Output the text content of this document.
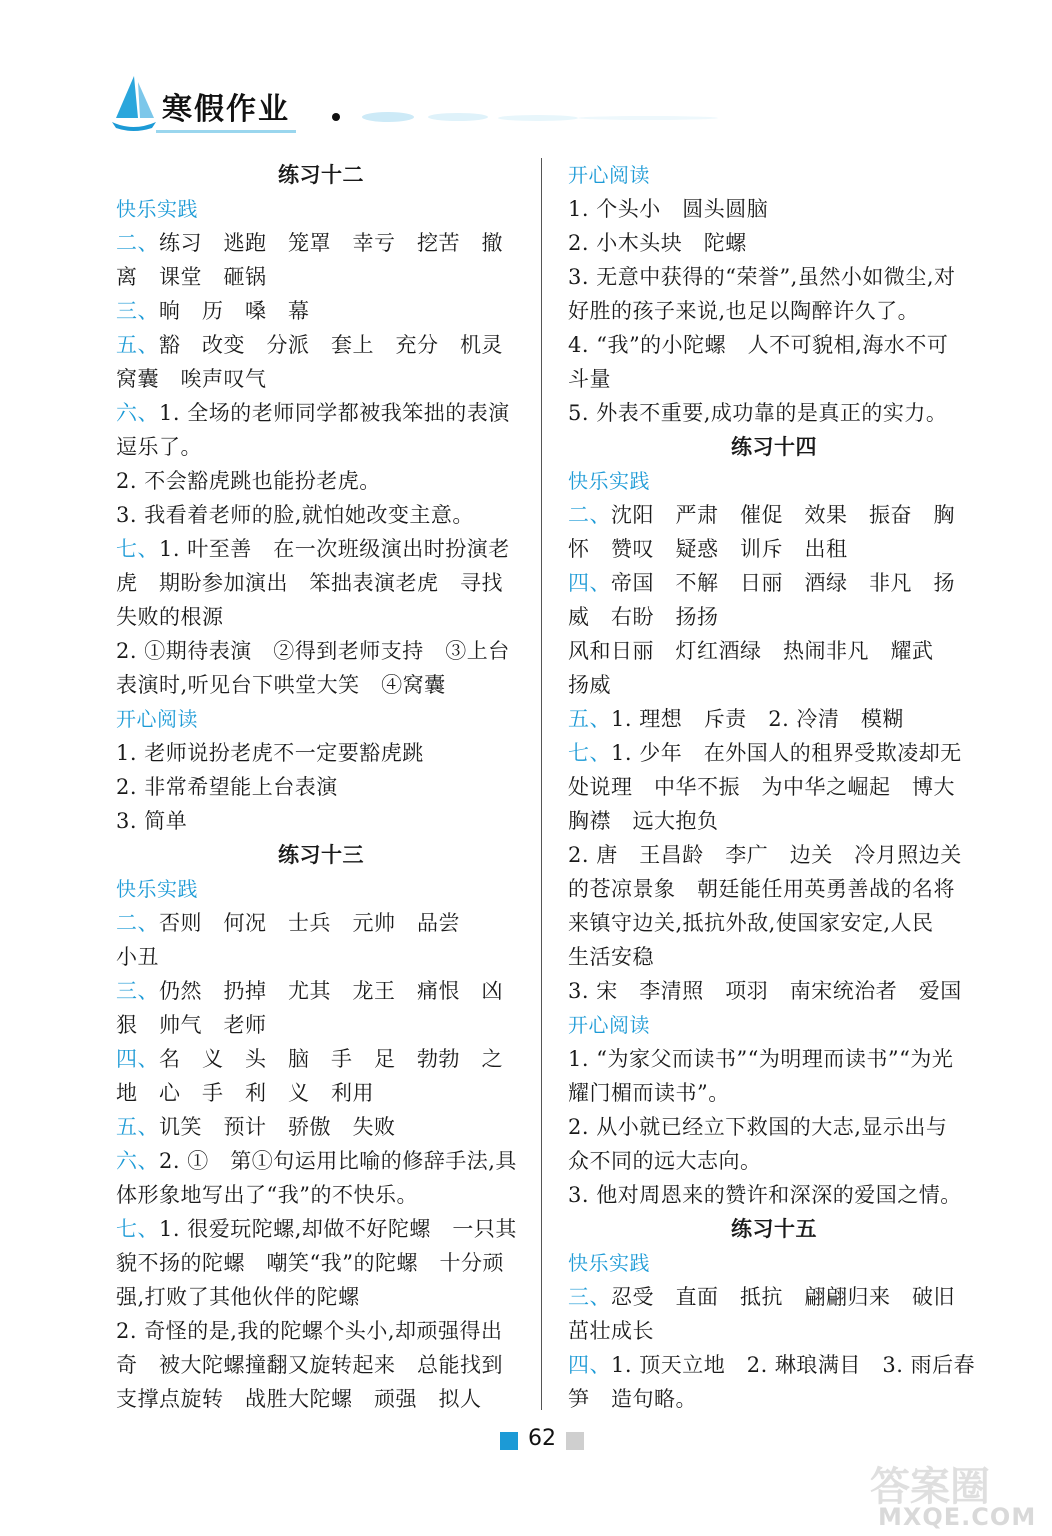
寒假作业
练习十二
快乐实践
二、练习　逃跑　笼罩　幸亏　挖苦　撤
离　课堂　砸锅
三、晌　历　嗓　幕
五、豁　改变　分派　套上　充分　机灵
窝囊　唉声叹气
六、1. 全场的老师同学都被我笨拙的表演
逗乐了。
2. 不会豁虎跳也能扮老虎。
3. 我看着老师的脸,就怕她改变主意。
七、1. 叶至善　在一次班级演出时扮演老
虎　期盼参加演出　笨拙表演老虎　寻找
失败的根源
2. ①期待表演　②得到老师支持　③上台
表演时,听见台下哄堂大笑　④窝囊
开心阅读
1. 老师说扮老虎不一定要豁虎跳
2. 非常希望能上台表演
3. 简单
练习十三
快乐实践
二、否则　何况　士兵　元帅　品尝
小丑
三、仍然　扔掉　尤其　龙王　痛恨　凶
狠　帅气　老师
四、名　义　头　脑　手　足　勃勃　之
地　心　手　利　义　利用
五、讥笑　预计　骄傲　失败
六、2. ①　第①句运用比喻的修辞手法,具
体形象地写出了“我”的不快乐。
七、1. 很爱玩陀螺,却做不好陀螺　一只其
貌不扬的陀螺　嘲笑“我”的陀螺　十分顽
强,打败了其他伙伴的陀螺
2. 奇怪的是,我的陀螺个头小,却顽强得出
奇　被大陀螺撞翻又旋转起来　总能找到
支撑点旋转　战胜大陀螺　顽强　拟人
开心阅读
1. 个头小　圆头圆脑
2. 小木头块　陀螺
3. 无意中获得的“荣誉”,虽然小如微尘,对
好胜的孩子来说,也足以陶醉许久了。
4. “我”的小陀螺　人不可貌相,海水不可
斗量
5. 外表不重要,成功靠的是真正的实力。
练习十四
快乐实践
二、沈阳　严肃　催促　效果　振奋　胸
怀　赞叹　疑惑　训斥　出租
四、帝国　不解　日丽　酒绿　非凡　扬
威　右盼　扬扬
风和日丽　灯红酒绿　热闹非凡　耀武
扬威
五、1. 理想　斥责　2. 冷清　模糊
七、1. 少年　在外国人的租界受欺凌却无
处说理　中华不振　为中华之崛起　博大
胸襟　远大抱负
2. 唐　王昌龄　李广　边关　冷月照边关
的苍凉景象　朝廷能任用英勇善战的名将
来镇守边关,抵抗外敌,使国家安定,人民
生活安稳
3. 宋　李清照　项羽　南宋统治者　爱国
开心阅读
1. “为家父而读书”“为明理而读书”“为光
耀门楣而读书”。
2. 从小就已经立下救国的大志,显示出与
众不同的远大志向。
3. 他对周恩来的赞许和深深的爱国之情。
练习十五
快乐实践
三、忍受　直面　抵抗　翩翩归来　破旧
茁壮成长
四、1. 顶天立地　2. 琳琅满目　3. 雨后春
笋　造句略。
62
答案圈
MXQE.COM
